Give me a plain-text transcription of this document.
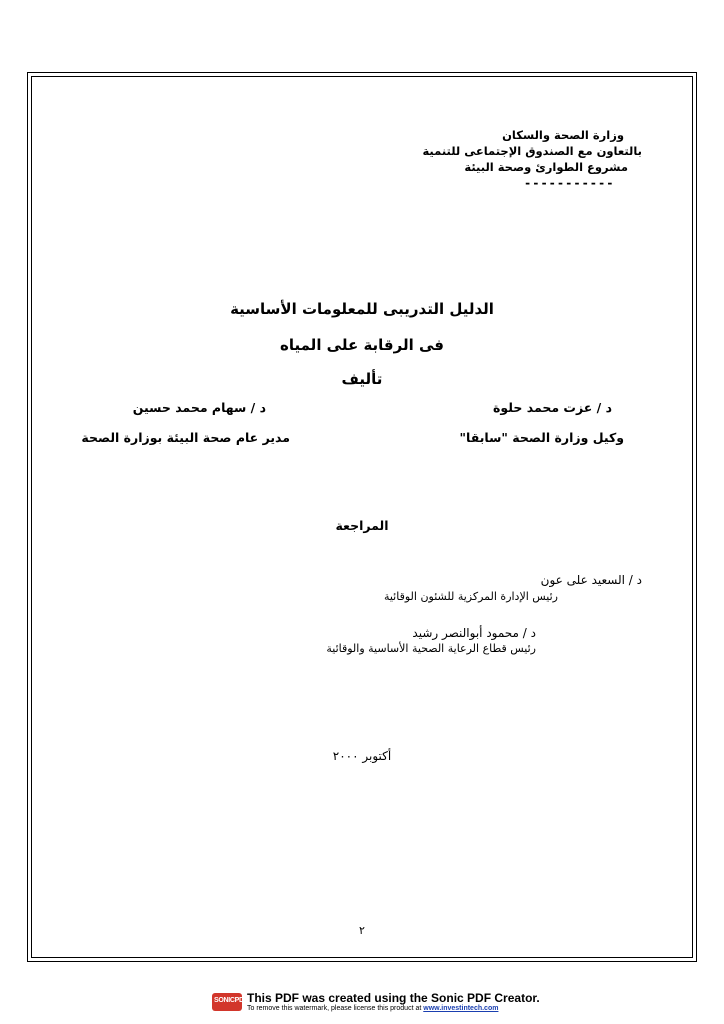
وزارة الصحة والسكان
بالتعاون مع الصندوق الإجتماعى للتنمية
مشروع الطوارئ وصحة البيئة
-----------
الدليل التدريبى للمعلومات الأساسية
فى الرقابة على المياه
تأليف
د / عزت محمد حلوة
وكيل وزارة الصحة "سابقا"
د / سهام محمد حسين
مدير عام صحة البيئة بوزارة الصحة
المراجعة
د / السعيد على عون
رئيس الإدارة المركزية للشئون الوقائية
د / محمود أبوالنصر رشيد
رئيس قطاع الرعاية الصحية الأساسية والوقائية
أكتوبر ٢٠٠٠
٢
SONICPDF This PDF was created using the Sonic PDF Creator.
To remove this watermark, please license this product at www.investintech.com
